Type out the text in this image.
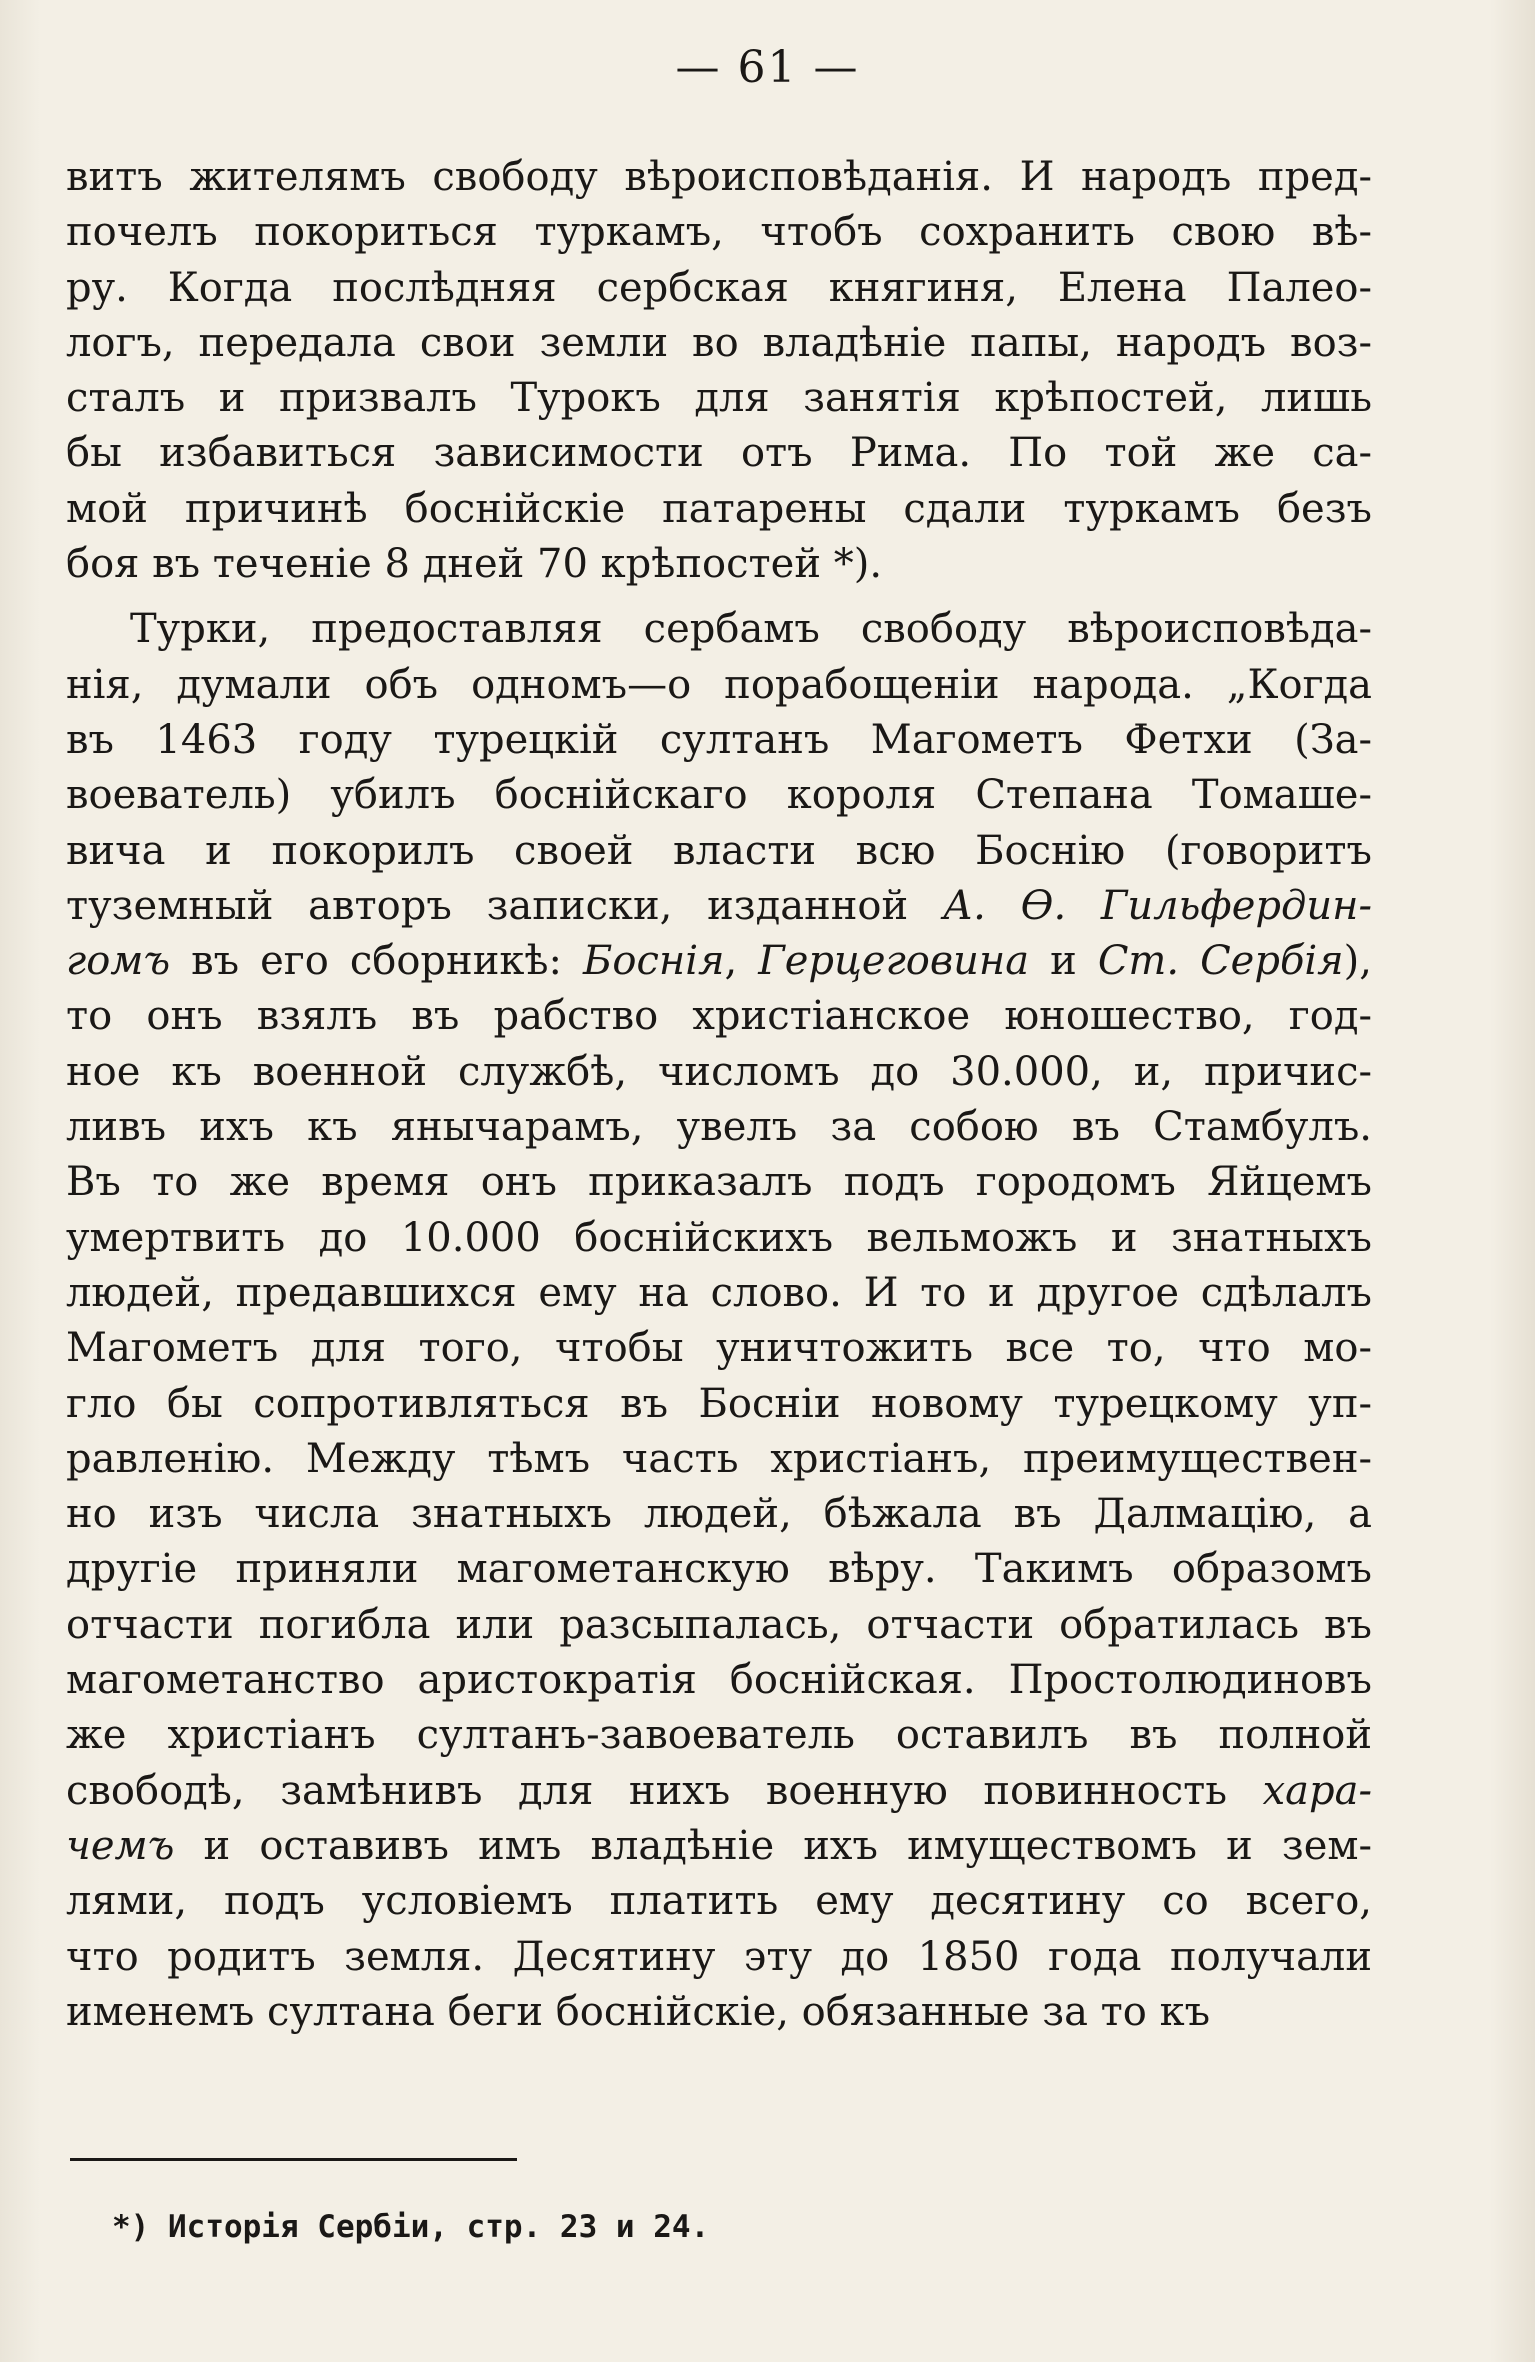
— 61 —
витъ жителямъ свободу вѣроисповѣданія. И народъ пред-
почелъ покориться туркамъ, чтобъ сохранить свою вѣ-
ру. Когда послѣдняя сербская княгиня, Елена Палео-
логъ, передала свои земли во владѣніе папы, народъ воз-
сталъ и призвалъ Турокъ для занятія крѣпостей, лишь
бы избавиться зависимости отъ Рима. По той же са-
мой причинѣ боснійскіе патарены сдали туркамъ безъ
боя въ теченіе 8 дней 70 крѣпостей *).
Турки, предоставляя сербамъ свободу вѣроисповѣда-
нія, думали объ одномъ—о порабощеніи народа. „Когда
въ 1463 году турецкій султанъ Магометъ Фетхи (За-
воеватель) убилъ боснійскаго короля Степана Томаше-
вича и покорилъ своей власти всю Боснію (говоритъ
туземный авторъ записки, изданной А. Ѳ. Гильфердин-
гомъ въ его сборникѣ: Боснія, Герцеговина и Ст. Сербія),
то онъ взялъ въ рабство христіанское юношество, год-
ное къ военной службѣ, числомъ до 30.000, и, причис-
ливъ ихъ къ янычарамъ, увелъ за собою въ Стамбулъ.
Въ то же время онъ приказалъ подъ городомъ Яйцемъ
умертвить до 10.000 боснійскихъ вельможъ и знатныхъ
людей, предавшихся ему на слово. И то и другое сдѣлалъ
Магометъ для того, чтобы уничтожить все то, что мо-
гло бы сопротивляться въ Босніи новому турецкому уп-
равленію. Между тѣмъ часть христіанъ, преимуществен-
но изъ числа знатныхъ людей, бѣжала въ Далмацію, а
другіе приняли магометанскую вѣру. Такимъ образомъ
отчасти погибла или разсыпалась, отчасти обратилась въ
магометанство аристократія боснійская. Простолюдиновъ
же христіанъ султанъ-завоеватель оставилъ въ полной
свободѣ, замѣнивъ для нихъ военную повинность хара-
чемъ и оставивъ имъ владѣніе ихъ имуществомъ и зем-
лями, подъ условіемъ платить ему десятину со всего,
что родитъ земля. Десятину эту до 1850 года получали
именемъ султана беги боснійскіе, обязанные за то къ
*) Исторія Сербіи, стр. 23 и 24.
